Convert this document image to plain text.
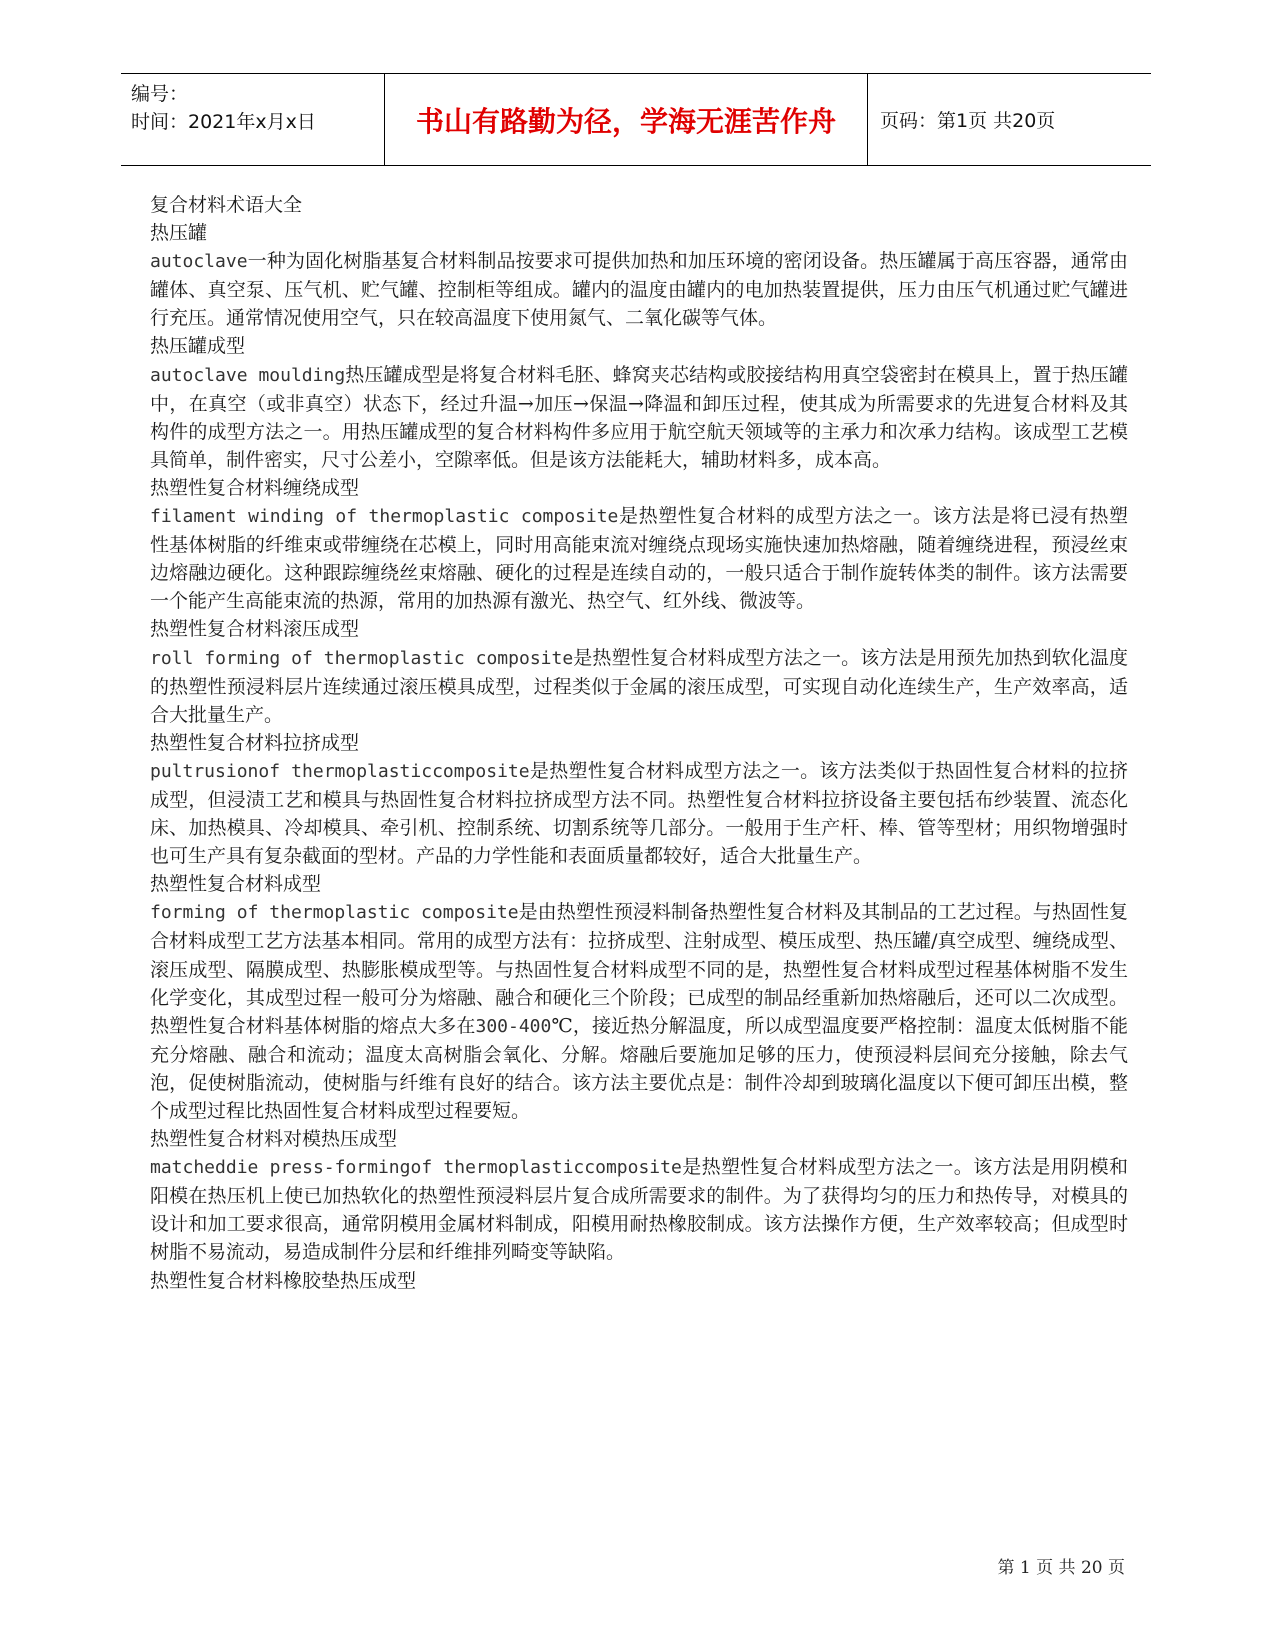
编号：
时间：2021年x月x日	书山有路勤为径，学海无涯苦作舟	页码：第1页 共20页

复合材料术语大全

热压罐

autoclave一种为固化树脂基复合材料制品按要求可提供加热和加压环境的密闭设备。热压罐属于高压容器，通常由罐体、真空泵、压气机、贮气罐、控制柜等组成。罐内的温度由罐内的电加热装置提供，压力由压气机通过贮气罐进行充压。通常情况使用空气，只在较高温度下使用氮气、二氧化碳等气体。

热压罐成型

autoclave moulding热压罐成型是将复合材料毛胚、蜂窝夹芯结构或胶接结构用真空袋密封在模具上，置于热压罐中，在真空（或非真空）状态下，经过升温→加压→保温→降温和卸压过程，使其成为所需要求的先进复合材料及其构件的成型方法之一。用热压罐成型的复合材料构件多应用于航空航天领域等的主承力和次承力结构。该成型工艺模具简单，制件密实，尺寸公差小，空隙率低。但是该方法能耗大，辅助材料多，成本高。

热塑性复合材料缠绕成型

filament winding of thermoplastic composite是热塑性复合材料的成型方法之一。该方法是将已浸有热塑性基体树脂的纤维束或带缠绕在芯模上，同时用高能束流对缠绕点现场实施快速加热熔融，随着缠绕进程，预浸丝束边熔融边硬化。这种跟踪缠绕丝束熔融、硬化的过程是连续自动的，一般只适合于制作旋转体类的制件。该方法需要一个能产生高能束流的热源，常用的加热源有激光、热空气、红外线、微波等。

热塑性复合材料滚压成型

roll forming of thermoplastic composite是热塑性复合材料成型方法之一。该方法是用预先加热到软化温度的热塑性预浸料层片连续通过滚压模具成型，过程类似于金属的滚压成型，可实现自动化连续生产，生产效率高，适合大批量生产。

热塑性复合材料拉挤成型

pultrusionof thermoplasticcomposite是热塑性复合材料成型方法之一。该方法类似于热固性复合材料的拉挤成型，但浸渍工艺和模具与热固性复合材料拉挤成型方法不同。热塑性复合材料拉挤设备主要包括布纱装置、流态化床、加热模具、冷却模具、牵引机、控制系统、切割系统等几部分。一般用于生产杆、棒、管等型材；用织物增强时也可生产具有复杂截面的型材。产品的力学性能和表面质量都较好，适合大批量生产。

热塑性复合材料成型

forming of thermoplastic composite是由热塑性预浸料制备热塑性复合材料及其制品的工艺过程。与热固性复合材料成型工艺方法基本相同。常用的成型方法有：拉挤成型、注射成型、模压成型、热压罐/真空成型、缠绕成型、滚压成型、隔膜成型、热膨胀模成型等。与热固性复合材料成型不同的是，热塑性复合材料成型过程基体树脂不发生化学变化，其成型过程一般可分为熔融、融合和硬化三个阶段；已成型的制品经重新加热熔融后，还可以二次成型。热塑性复合材料基体树脂的熔点大多在300-400℃，接近热分解温度，所以成型温度要严格控制：温度太低树脂不能充分熔融、融合和流动；温度太高树脂会氧化、分解。熔融后要施加足够的压力，使预浸料层间充分接触，除去气泡，促使树脂流动，使树脂与纤维有良好的结合。该方法主要优点是：制件冷却到玻璃化温度以下便可卸压出模，整个成型过程比热固性复合材料成型过程要短。

热塑性复合材料对模热压成型

matcheddie press-formingof thermoplasticcomposite是热塑性复合材料成型方法之一。该方法是用阴模和阳模在热压机上使已加热软化的热塑性预浸料层片复合成所需要求的制件。为了获得均匀的压力和热传导，对模具的设计和加工要求很高，通常阴模用金属材料制成，阳模用耐热橡胶制成。该方法操作方便，生产效率较高；但成型时树脂不易流动，易造成制件分层和纤维排列畸变等缺陷。

热塑性复合材料橡胶垫热压成型

第 1 页 共 20 页
